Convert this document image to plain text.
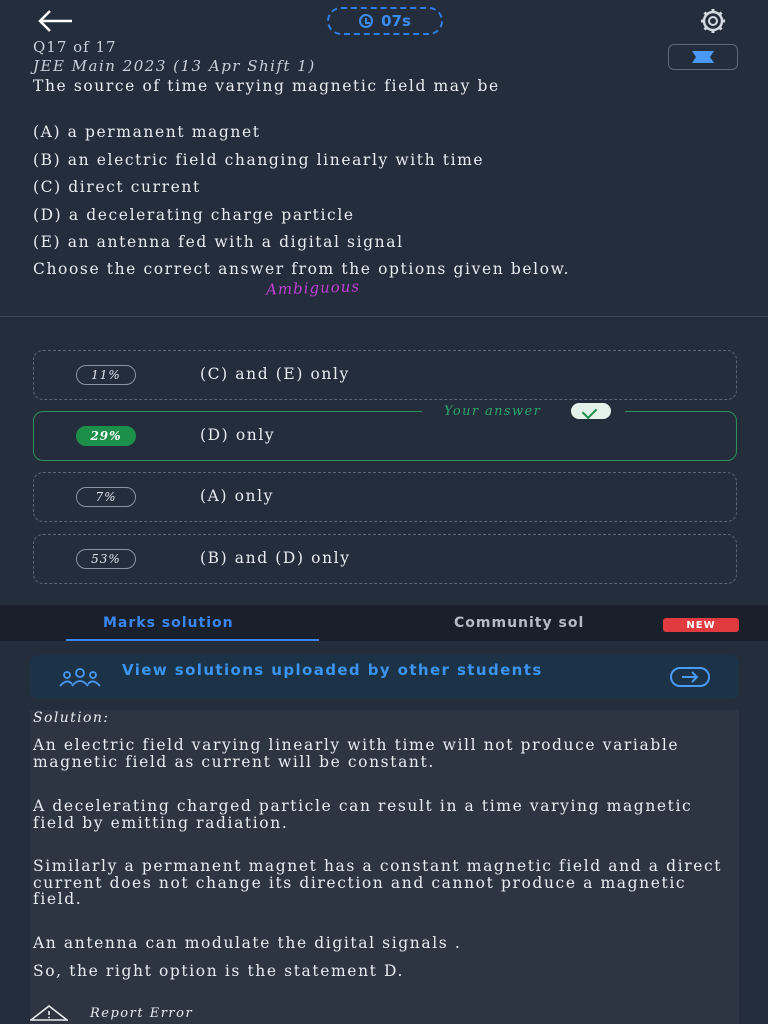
07s
Q17 of 17
JEE Main 2023 (13 Apr Shift 1)
The source of time varying magnetic field may be
(A) a permanent magnet
(B) an electric field changing linearly with time
(C) direct current
(D) a decelerating charge particle
(E) an antenna fed with a digital signal
Choose the correct answer from the options given below.
Ambiguous
11%	(C) and (E) only
29%	(D) only
Your answer
7%	(A) only
53%	(B) and (D) only
Marks solution	Community sol	NEW
View solutions uploaded by other students
Solution:
An electric field varying linearly with time will not produce variable magnetic field as current will be constant.
A decelerating charged particle can result in a time varying magnetic field by emitting radiation.
Similarly a permanent magnet has a constant magnetic field and a direct current does not change its direction and cannot produce a magnetic field.
An antenna can modulate the digital signals .
So, the right option is the statement D.
Report Error
